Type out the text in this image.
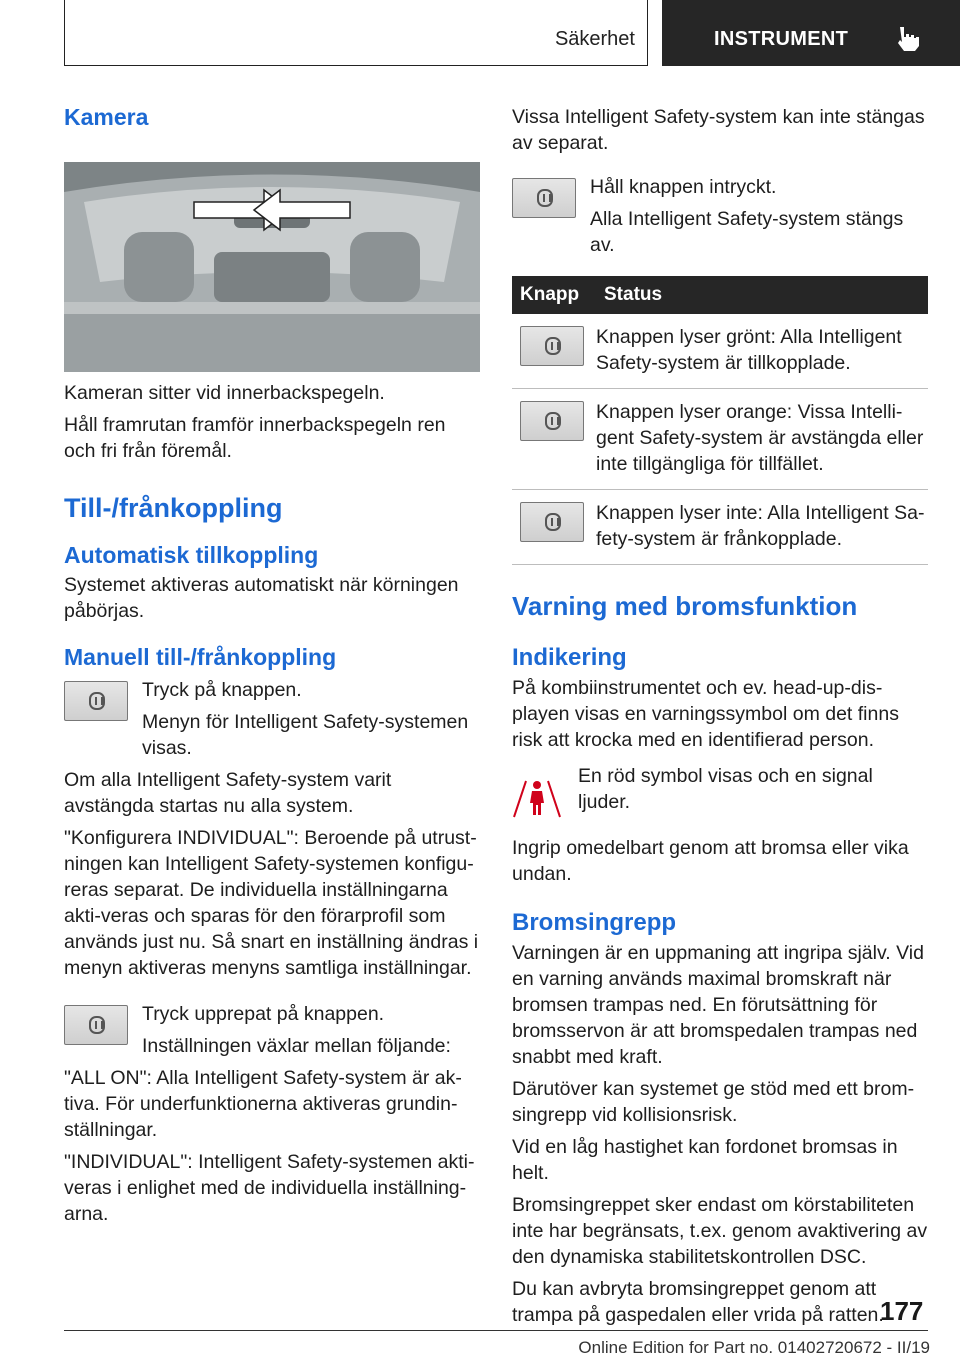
Säkerhet	INSTRUMENT
Kamera

Kameran sitter vid innerbackspegeln.

Håll framrutan framför innerbackspegeln ren och fri från föremål.

Till-/frånkoppling
Automatisk tillkoppling

Systemet aktiveras automatiskt när körningen påbörjas.

Manuell till-/frånkoppling

Tryck på knappen.

Menyn för Intelligent Safety-systemen visas.

Om alla Intelligent Safety-system varit avstängda startas nu alla system.

"Konfigurera INDIVIDUAL": Beroende på utrust-ningen kan Intelligent Safety-systemen konfigu-reras separat. De individuella inställningarna akti-veras och sparas för den förarprofil som används just nu. Så snart en inställning ändras i menyn aktiveras menyns samtliga inställningar.

Tryck upprepat på knappen.

Inställningen växlar mellan följande:

"ALL ON": Alla Intelligent Safety-system är ak-tiva. För underfunktionerna aktiveras grundin-ställningar.

"INDIVIDUAL": Intelligent Safety-systemen akti-veras i enlighet med de individuella inställning-arna.

Vissa Intelligent Safety-system kan inte stängas av separat.

Håll knappen intryckt.

Alla Intelligent Safety-system stängs av.

Knapp	Status

	Knappen lyser grönt: Alla Intelligent Safety-system är tillkopplade.

	Knappen lyser orange: Vissa Intelli-gent Safety-system är avstängda eller inte tillgängliga för tillfället.

	Knappen lyser inte: Alla Intelligent Sa-fety-system är frånkopplade.
Varning med bromsfunktion
Indikering

På kombiinstrumentet och ev. head-up-dis-playen visas en varningssymbol om det finns risk att krocka med en identifierad person.

En röd symbol visas och en signal ljuder.

Ingrip omedelbart genom att bromsa eller vika undan.

Bromsingrepp

Varningen är en uppmaning att ingripa själv. Vid en varning används maximal bromskraft när bromsen trampas ned. En förutsättning för bromsservon är att bromspedalen trampas ned snabbt med kraft.

Därutöver kan systemet ge stöd med ett brom-singrepp vid kollisionsrisk.

Vid en låg hastighet kan fordonet bromsas in helt.

Bromsingreppet sker endast om körstabiliteten inte har begränsats, t.ex. genom avaktivering av den dynamiska stabilitetskontrollen DSC.

Du kan avbryta bromsingreppet genom att trampa på gaspedalen eller vrida på ratten.

177
Online Edition for Part no. 01402720672 - II/19
